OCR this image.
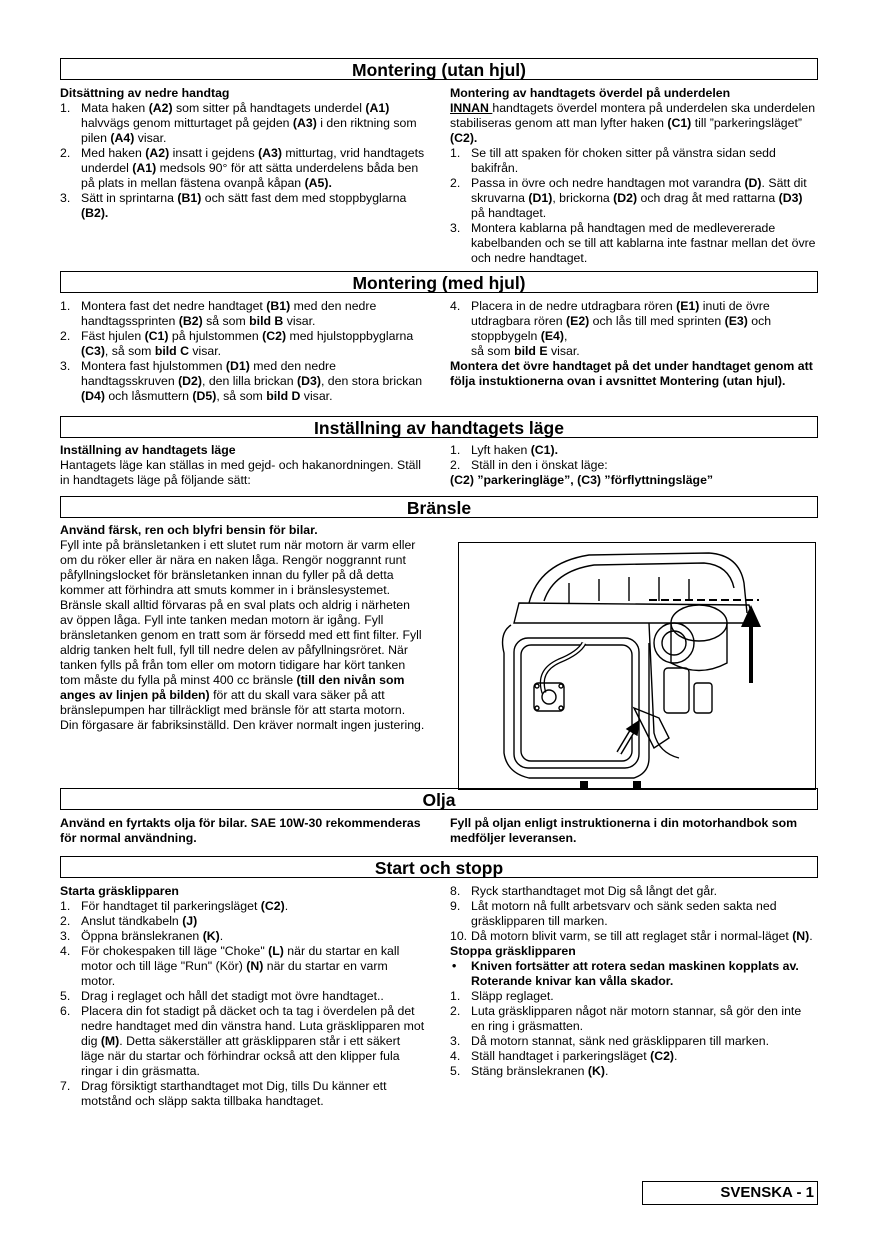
Montering (utan hjul)
Ditsättning av nedre handtag
1. Mata haken (A2) som sitter på handtagets underdel (A1) halvvägs genom mitturtaget på gejden (A3) i den riktning som pilen (A4) visar.
2. Med haken (A2) insatt i gejdens (A3) mitturtag, vrid handtagets underdel (A1) medsols 90° för att sätta underdelens båda ben på plats in mellan fästena ovanpå kåpan (A5).
3. Sätt in sprintarna (B1) och sätt fast dem med stoppbyglarna (B2).
Montering av handtagets överdel på underdelen

INNAN handtagets överdel montera på underdelen ska underdelen stabiliseras genom att man lyfter haken (C1) till ”parkeringsläget” (C2).

1. Se till att spaken för choken sitter på vänstra sidan sedd bakifrån.
2. Passa in övre och nedre handtagen mot varandra (D). Sätt dit skruvarna (D1), brickorna (D2) och drag åt med rattarna (D3) på handtaget.
3. Montera kablarna på handtagen med de medlevererade kabelbanden och se till att kablarna inte fastnar mellan det övre och nedre handtaget.
Montering (med hjul)
1. Montera fast det nedre handtaget (B1) med den nedre handtagssprinten (B2) så som bild B visar.
2. Fäst hjulen (C1) på hjulstommen (C2) med hjulstoppbyglarna (C3), så som bild C visar.
3. Montera fast hjulstommen (D1) med den nedre handtagsskruven (D2), den lilla brickan (D3), den stora brickan (D4) och låsmuttern (D5), så som bild D visar.
4. Placera in de nedre utdragbara rören (E1) inuti de övre utdragbara rören (E2) och lås till med sprinten (E3) och stoppbygeln (E4),
så som bild E visar.

Montera det övre handtaget på det under handtaget genom att följa instuktionerna ovan i avsnittet Montering (utan hjul).

Inställning av handtagets läge
Inställning av handtagets läge

Hantagets läge kan ställas in med gejd- och hakanordningen. Ställ in handtagets läge på följande sätt:

1. Lyft haken (C1).
2. Ställ in den i önskat läge:

(C2) ”parkeringläge”, (C3) ”förflyttningsläge”

Bränsle
Använd färsk, ren och blyfri bensin för bilar.

Fyll inte på bränsletanken i ett slutet rum när motorn är varm eller om du röker eller är nära en naken låga. Rengör noggrannt runt påfyllningslocket för bränsletanken innan du fyller på då detta kommer att förhindra att smuts kommer in i bränslesystemet. Bränsle skall alltid förvaras på en sval plats och aldrig i närheten av öppen låga. Fyll inte tanken medan motorn är igång. Fyll bränsletanken genom en tratt som är försedd med ett fint filter. Fyll aldrig tanken helt full, fyll till nedre delen av påfyllningsröret. När tanken fylls på från tom eller om motorn tidigare har kört tanken tom måste du fylla på minst 400 cc bränsle (till den nivån som anges av linjen på bilden) för att du skall vara säker på att bränslepumpen har tillräckligt med bränsle för att starta motorn. Din förgasare är fabriksinställd. Den kräver normalt ingen justering.

Olja
Använd en fyrtakts olja för bilar. SAE 10W-30 rekommenderas för normal användning.
Fyll på oljan enligt instruktionerna i din motorhandbok som medföljer leveransen.
Start och stopp
Starta gräsklipparen
1. För handtaget til parkeringsläget (C2).
2. Anslut tändkabeln (J)
3. Öppna bränslekranen (K).
4. För chokespaken till läge "Choke" (L) när du startar en kall motor och till läge "Run" (Kör) (N) när du startar en varm motor.
5. Drag i reglaget och håll det stadigt mot övre handtaget..
6. Placera din fot stadigt på däcket och ta tag i överdelen på det nedre handtaget med din vänstra hand. Luta gräsklipparen mot dig (M). Detta säkerställer att gräsklipparen står i ett säkert läge när du startar och förhindrar också att den klipper fula ringar i din gräsmatta.
7. Drag försiktigt starthandtaget mot Dig, tills Du känner ett motstånd och släpp sakta tillbaka handtaget.
8. Ryck starthandtaget mot Dig så långt det går.
9. Låt motorn nå fullt arbetsvarv och sänk seden sakta ned gräsklipparen till marken.
10. Då motorn blivit varm, se till att reglaget står i normal-läget (N).
Stoppa gräsklipparen
• Kniven fortsätter att rotera sedan maskinen kopplats av. Roterande knivar kan vålla skador.
1. Släpp reglaget.
2. Luta gräsklipparen något när motorn stannar, så gör den inte en ring i gräsmatten.
3. Då motorn stannat, sänk ned gräsklipparen till marken.
4. Ställ handtaget i parkeringsläget (C2).
5. Stäng bränslekranen (K).
SVENSKA - 1
